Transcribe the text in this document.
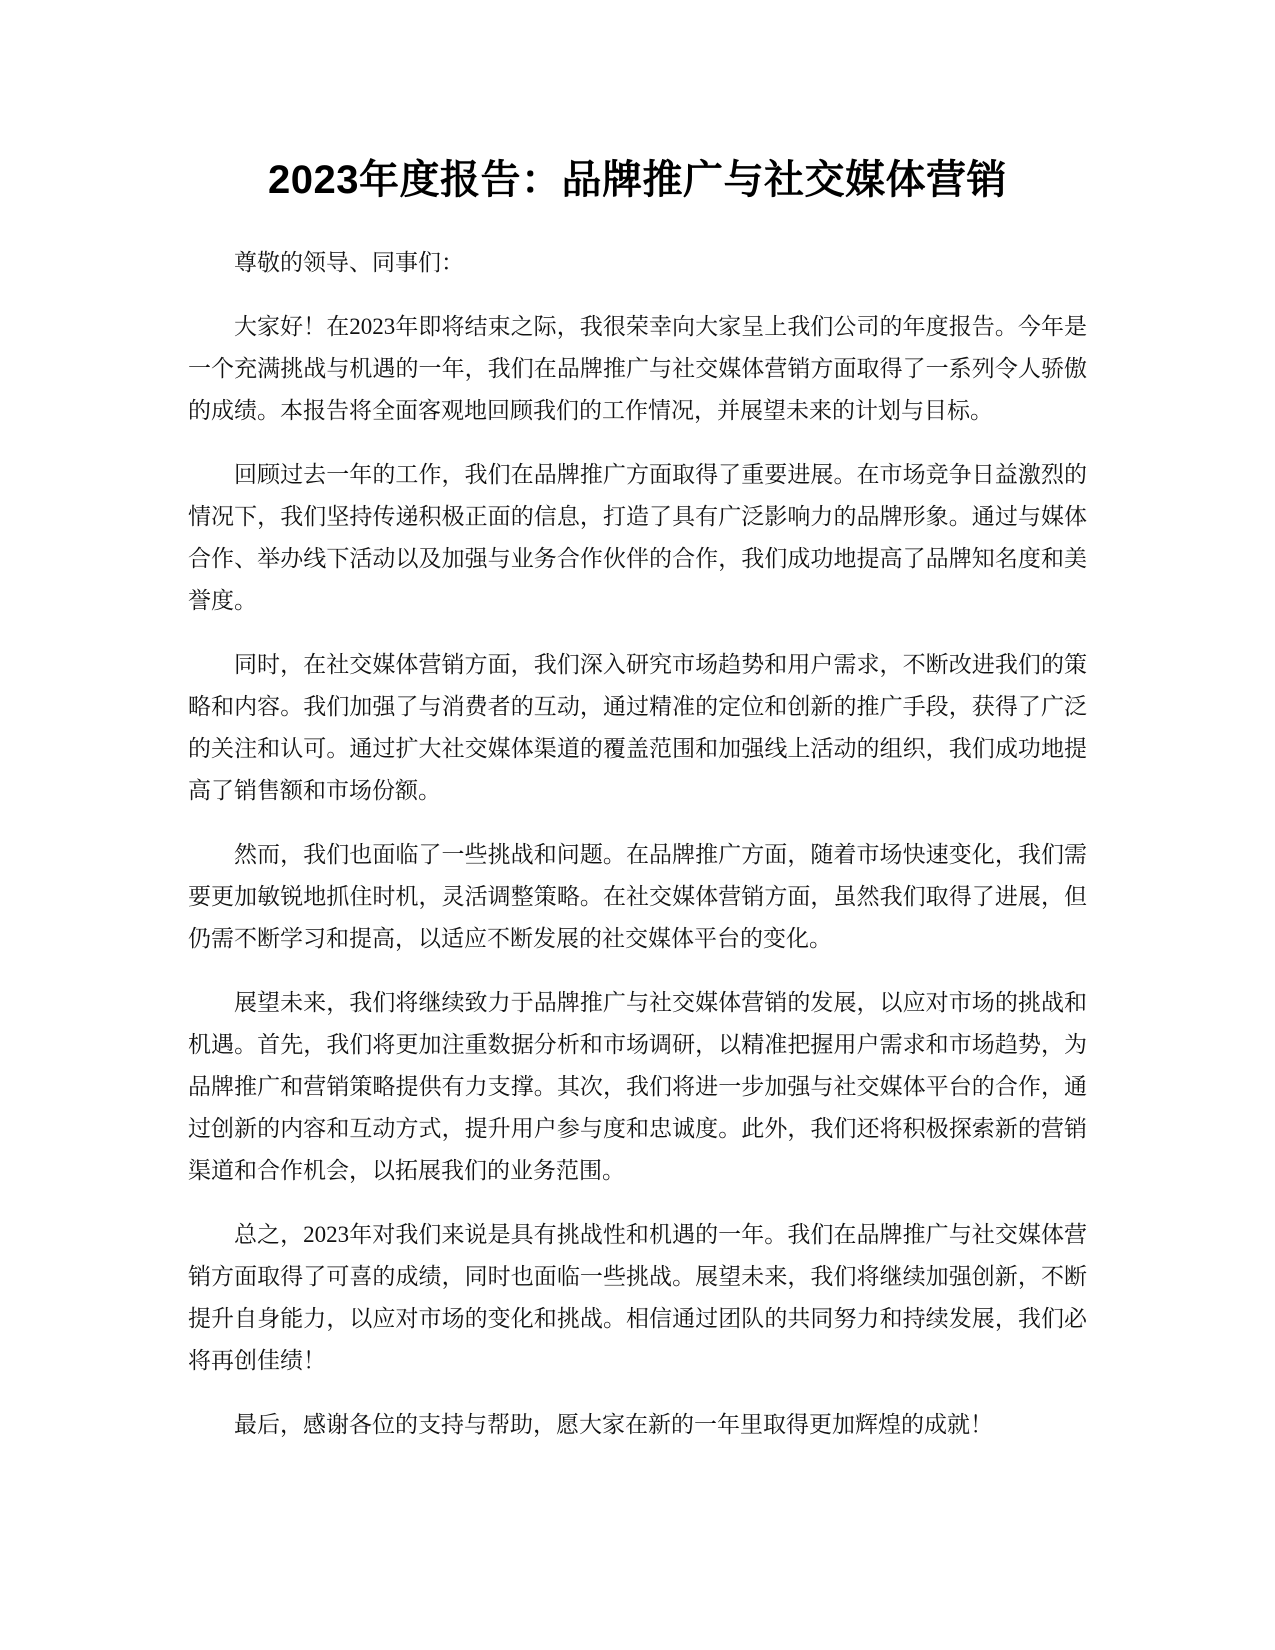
2023年度报告：品牌推广与社交媒体营销

尊敬的领导、同事们：

大家好！在2023年即将结束之际，我很荣幸向大家呈上我们公司的年度报告。今年是一个充满挑战与机遇的一年，我们在品牌推广与社交媒体营销方面取得了一系列令人骄傲的成绩。本报告将全面客观地回顾我们的工作情况，并展望未来的计划与目标。

回顾过去一年的工作，我们在品牌推广方面取得了重要进展。在市场竞争日益激烈的情况下，我们坚持传递积极正面的信息，打造了具有广泛影响力的品牌形象。通过与媒体合作、举办线下活动以及加强与业务合作伙伴的合作，我们成功地提高了品牌知名度和美誉度。

同时，在社交媒体营销方面，我们深入研究市场趋势和用户需求，不断改进我们的策略和内容。我们加强了与消费者的互动，通过精准的定位和创新的推广手段，获得了广泛的关注和认可。通过扩大社交媒体渠道的覆盖范围和加强线上活动的组织，我们成功地提高了销售额和市场份额。

然而，我们也面临了一些挑战和问题。在品牌推广方面，随着市场快速变化，我们需要更加敏锐地抓住时机，灵活调整策略。在社交媒体营销方面，虽然我们取得了进展，但仍需不断学习和提高，以适应不断发展的社交媒体平台的变化。

展望未来，我们将继续致力于品牌推广与社交媒体营销的发展，以应对市场的挑战和机遇。首先，我们将更加注重数据分析和市场调研，以精准把握用户需求和市场趋势，为品牌推广和营销策略提供有力支撑。其次，我们将进一步加强与社交媒体平台的合作，通过创新的内容和互动方式，提升用户参与度和忠诚度。此外，我们还将积极探索新的营销渠道和合作机会，以拓展我们的业务范围。

总之，2023年对我们来说是具有挑战性和机遇的一年。我们在品牌推广与社交媒体营销方面取得了可喜的成绩，同时也面临一些挑战。展望未来，我们将继续加强创新，不断提升自身能力，以应对市场的变化和挑战。相信通过团队的共同努力和持续发展，我们必将再创佳绩！

最后，感谢各位的支持与帮助，愿大家在新的一年里取得更加辉煌的成就！
